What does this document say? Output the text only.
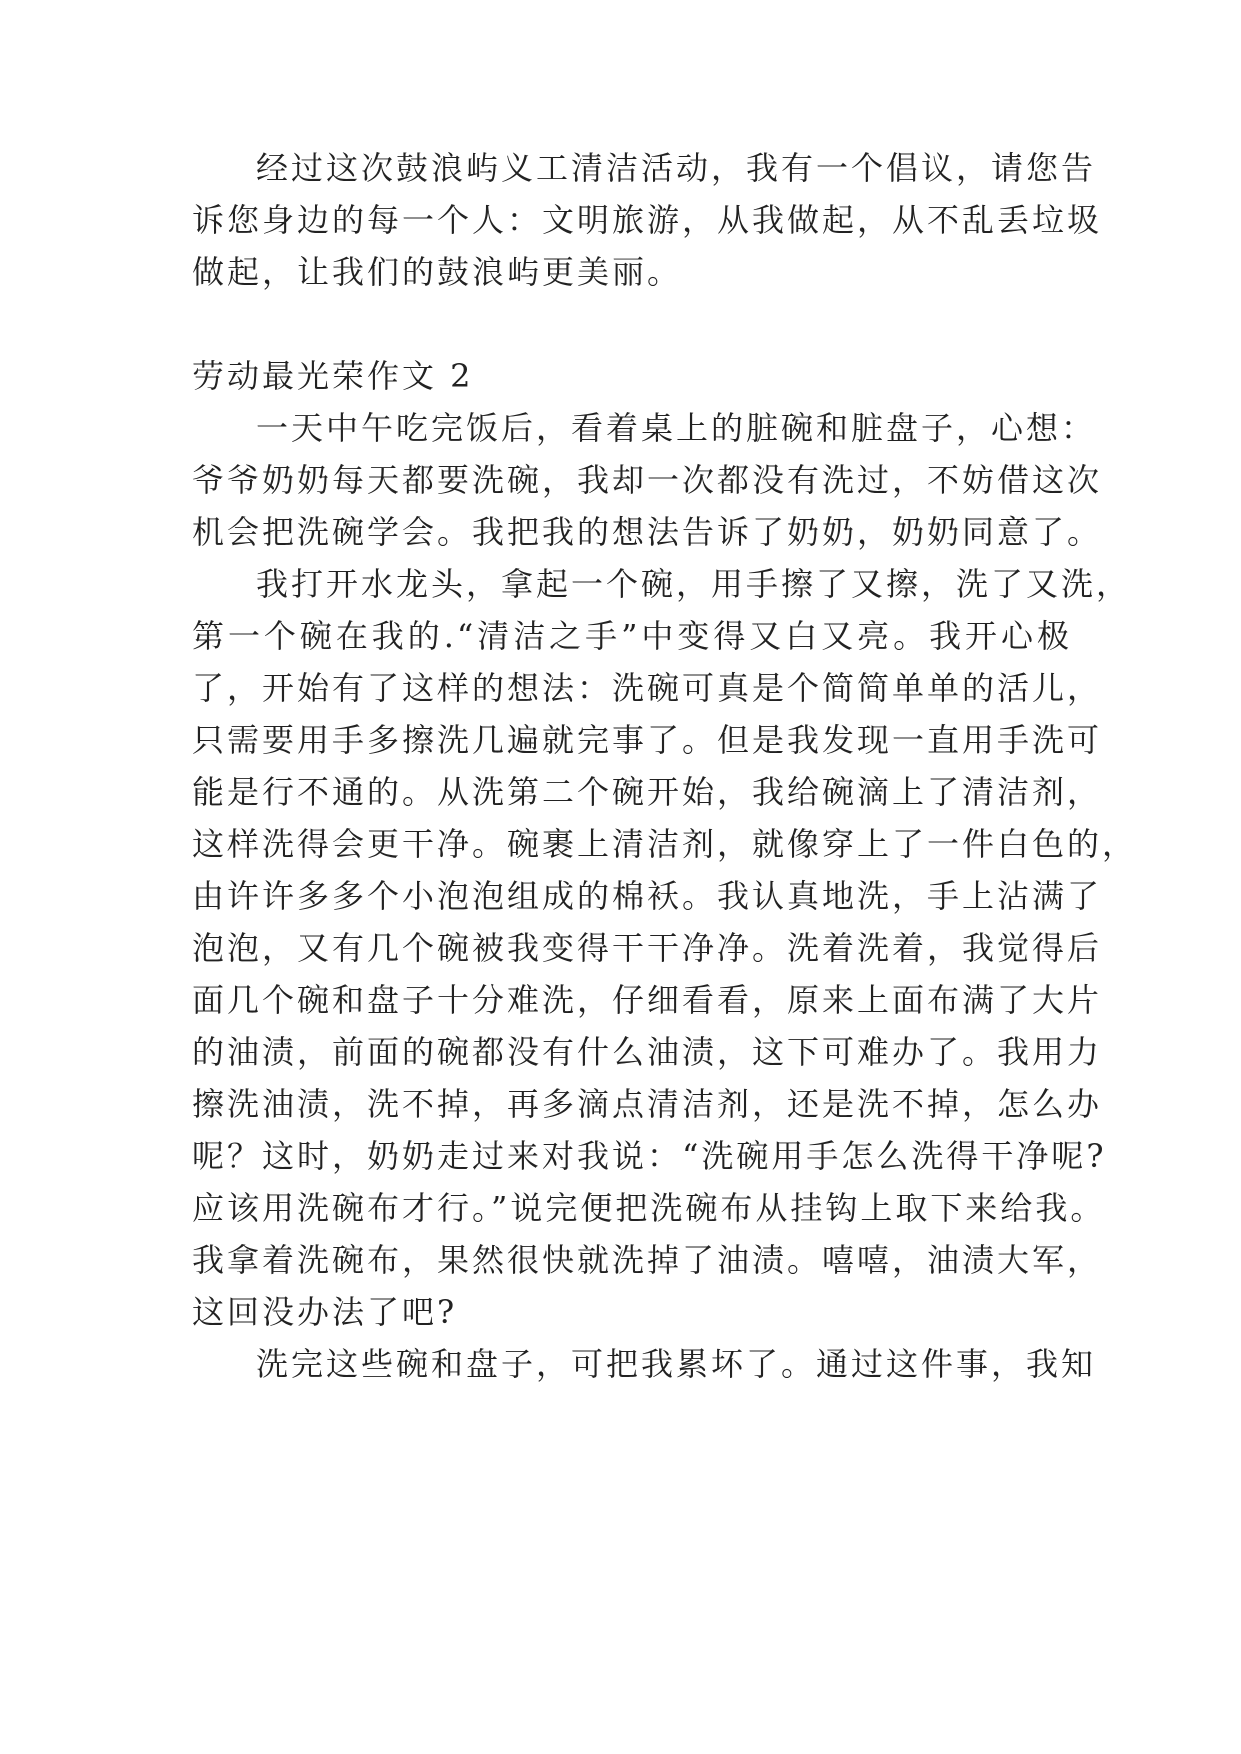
经过这次鼓浪屿义工清洁活动，我有一个倡议，请您告
诉您身边的每一个人：文明旅游，从我做起，从不乱丢垃圾
做起，让我们的鼓浪屿更美丽。
劳动最光荣作文 2
一天中午吃完饭后，看着桌上的脏碗和脏盘子，心想：
爷爷奶奶每天都要洗碗，我却一次都没有洗过，不妨借这次
机会把洗碗学会。我把我的想法告诉了奶奶，奶奶同意了。
我打开水龙头，拿起一个碗，用手擦了又擦，洗了又洗，
第一个碗在我的.“清洁之手”中变得又白又亮。我开心极
了，开始有了这样的想法：洗碗可真是个简简单单的活儿，
只需要用手多擦洗几遍就完事了。但是我发现一直用手洗可
能是行不通的。从洗第二个碗开始，我给碗滴上了清洁剂，
这样洗得会更干净。碗裹上清洁剂，就像穿上了一件白色的，
由许许多多个小泡泡组成的棉袄。我认真地洗，手上沾满了
泡泡，又有几个碗被我变得干干净净。洗着洗着，我觉得后
面几个碗和盘子十分难洗，仔细看看，原来上面布满了大片
的油渍，前面的碗都没有什么油渍，这下可难办了。我用力
擦洗油渍，洗不掉，再多滴点清洁剂，还是洗不掉，怎么办
呢？这时，奶奶走过来对我说：“洗碗用手怎么洗得干净呢?
应该用洗碗布才行。”说完便把洗碗布从挂钩上取下来给我。
我拿着洗碗布，果然很快就洗掉了油渍。嘻嘻，油渍大军，
这回没办法了吧?
洗完这些碗和盘子，可把我累坏了。通过这件事，我知
